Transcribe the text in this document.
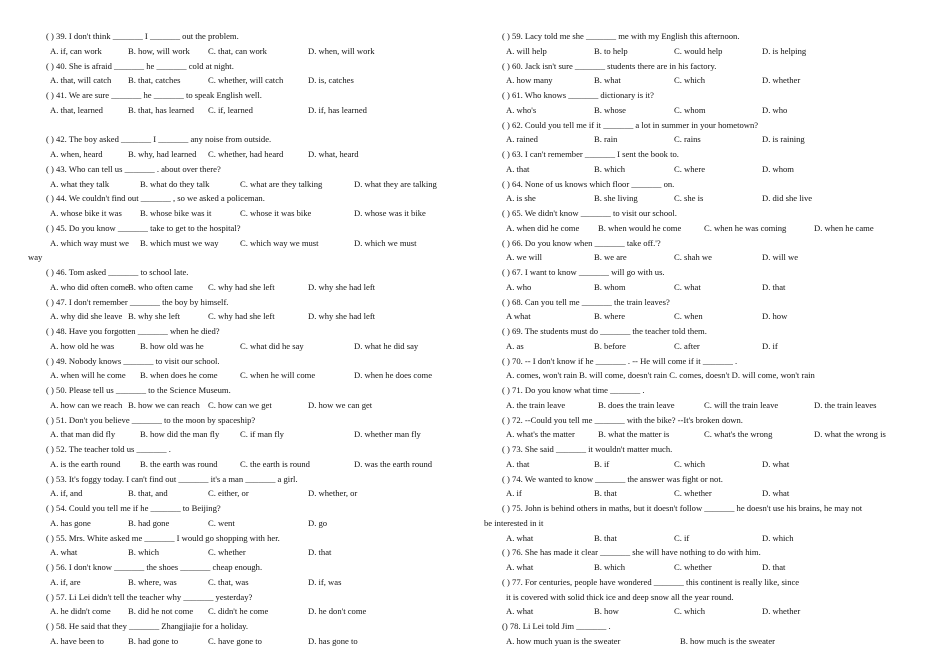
( ) 39. I don't think _______ I _______ out the problem.
A. if, can work	B. how, will work C. that, can work	D. when, will work
( ) 40. She is afraid _______ he _______ cold at night.
A. that, will catch B. that, catches	C. whether, will catch	D. is, catches
( ) 41. We are sure _______ he _______ to speak English well.
A. that, learned	B. that, has learned C. if, learned	D. if, has learned
( ) 42. The boy asked _______ I _______ any noise from outside.
A. when, heard	B. why, had learned C. whether, had heard	D. what, heard
( ) 43. Who can tell us _______ . about over there?
A. what they talk	B. what do they talk	C. what are they talking	D. what they are talking
( ) 44. We couldn't find out _______ , so we asked a policeman.
A. whose bike it was B. whose bike was it	C. whose it was bike	D. whose was it bike
( ) 45. Do you know _______ take to get to the hospital?
A. which way must we B. which must we way C. which way we must	D. which we must
way
( ) 46. Tom asked _______ to school late.
A. who did often come B. who often came C. why had she left	D. why she had left
( ) 47. I don't remember _______ the boy by himself.
A. why did she leave B. why she left	C. why had she left	D. why she had left
( ) 48. Have you forgotten _______ when he died?
A. how old he was	B. how old was he	C. what did he say	D. what he did say
( ) 49. Nobody knows _______ to visit our school.
A. when will he come B. when does he come	C. when he will come	D. when he does come
( ) 50. Please tell us _______ to the Science Museum.
A. how can we reach B. how we can reach C. how can we get	D. how we can get
( ) 51. Don't you believe _______ to the moon by spaceship?
A. that man did fly	B. how did the man fly C. if man fly	D. whether man fly
( ) 52. The teacher told us _______ .
A. is the earth round B. the earth was round	C. the earth is round	D. was the earth round
( ) 53. It's foggy today. I can't find out _______ it's a man _______ a girl.
A. if, and	B. that, and	C. either, or	D. whether, or
( ) 54. Could you tell me if he _______ to Beijing?
A. has gone	B. had gone	C. went	D. go
( ) 55. Mrs. White asked me _______ I would go shopping with her.
A. what	B. which	C. whether	D. that
( ) 56. I don't know _______ the shoes _______ cheap enough.
A. if, are	B. where, was	C. that, was	D. if, was
( ) 57. Li Lei didn't tell the teacher why _______ yesterday?
A. he didn't come B. did he not come C. didn't he come	D. he don't come
( ) 58. He said that they _______ Zhangjiajie for a holiday.
A. have been to	B. had gone to	C. have gone to	D. has gone to
( ) 59. Lacy told me she _______ me with my English this afternoon.
A. will help	B. to help	C. would help	D. is helping
( ) 60. Jack isn't sure _______ students there are in his factory.
A. how many	B. what	C. which	D. whether
( ) 61. Who knows _______ dictionary is it?
A. who's	B. whose	C. whom	D. who
( ) 62. Could you tell me if it _______ a lot in summer in your hometown?
A. rained	B. rain	C. rains	D. is raining
( ) 63. I can't remember _______ I sent the book to.
A. that	B. which	C. where	D. whom
( ) 64. None of us knows which floor _______ on.
A. is she	B. she living	C. she is	D. did she live
( ) 65. We didn't know _______ to visit our school.
A. when did he come B. when would he come	C. when he was coming	D. when he came
( ) 66. Do you know when _______ take off.'?
A. we will	B. we are	C. shah we	D. will we
( ) 67. I want to know _______ will go with us.
A. who	B. whom	C. what	D. that
( ) 68. Can you tell me _______ the train leaves?
A what	B. where	C. when	D. how
( ) 69. The students must do _______ the teacher told them.
A. as	B. before	C. after	D. if
( ) 70. -- I don't know if he _______ . -- He will come if it _______ .
A. comes, won't rain B. will come, doesn't rain C. comes, doesn't D. will come, won't rain
( ) 71. Do you know what time _______ .
A. the train leave	B. does the train leave	C. will the train leave	D. the train leaves
( ) 72. --Could you tell me _______ with the bike? --It's broken down.
A. what's the matter	B. what the matter is	C. what's the wrong	D. what the wrong is
( ) 73. She said _______ it wouldn't matter much.
A. that	B. if	C. which	D. what
( ) 74. We wanted to know _______ the answer was fight or not.
A. if	B. that	C. whether	D. what
( ) 75. John is behind others in maths, but it doesn't follow _______ he doesn't use his brains, he may not
be interested in it
A. what	B. that	C. if	D. which
( ) 76. She has made it clear _______ she will have nothing to do with him.
A. what	B. which	C. whether	D. that
( ) 77. For centuries, people have wondered _______ this continent is really like, since
it is covered with solid thick ice and deep snow all the year round.
A. what	B. how	C. which	D. whether
() 78. Li Lei told Jim _______ .
A. how much yuan is the sweater	B. how much is the sweater
